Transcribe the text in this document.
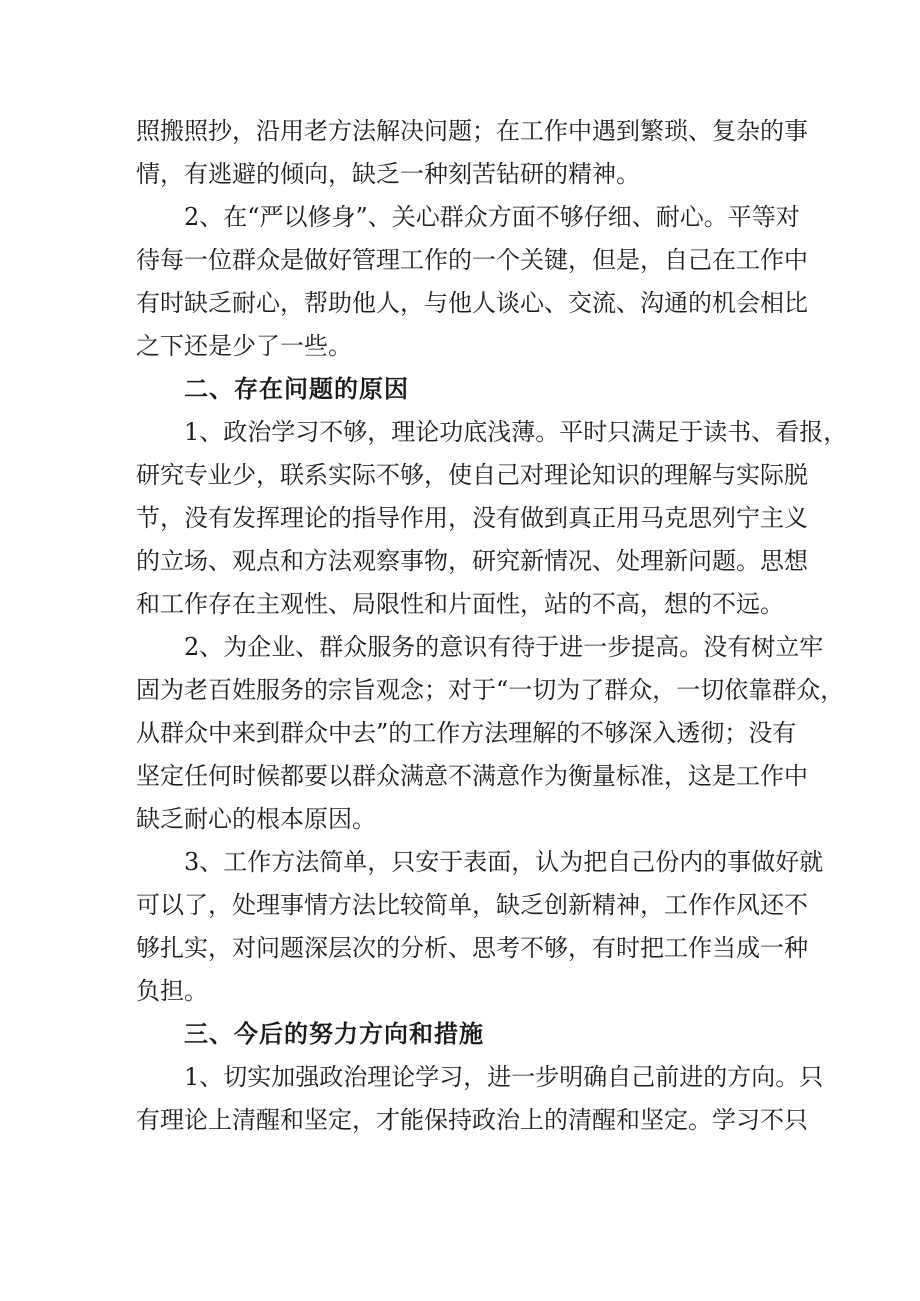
照搬照抄，沿用老方法解决问题；在工作中遇到繁琐、复杂的事
情，有逃避的倾向，缺乏一种刻苦钻研的精神。
2、在“严以修身”、关心群众方面不够仔细、耐心。平等对
待每一位群众是做好管理工作的一个关键，但是，自己在工作中
有时缺乏耐心，帮助他人，与他人谈心、交流、沟通的机会相比
之下还是少了一些。
二、存在问题的原因
1、政治学习不够，理论功底浅薄。平时只满足于读书、看报，
研究专业少，联系实际不够，使自己对理论知识的理解与实际脱
节，没有发挥理论的指导作用，没有做到真正用马克思列宁主义
的立场、观点和方法观察事物，研究新情况、处理新问题。思想
和工作存在主观性、局限性和片面性，站的不高，想的不远。
2、为企业、群众服务的意识有待于进一步提高。没有树立牢
固为老百姓服务的宗旨观念；对于“一切为了群众，一切依靠群众，
从群众中来到群众中去”的工作方法理解的不够深入透彻；没有
坚定任何时候都要以群众满意不满意作为衡量标准，这是工作中
缺乏耐心的根本原因。
3、工作方法简单，只安于表面，认为把自己份内的事做好就
可以了，处理事情方法比较简单，缺乏创新精神，工作作风还不
够扎实，对问题深层次的分析、思考不够，有时把工作当成一种
负担。
三、今后的努力方向和措施
1、切实加强政治理论学习，进一步明确自己前进的方向。只
有理论上清醒和坚定，才能保持政治上的清醒和坚定。学习不只
